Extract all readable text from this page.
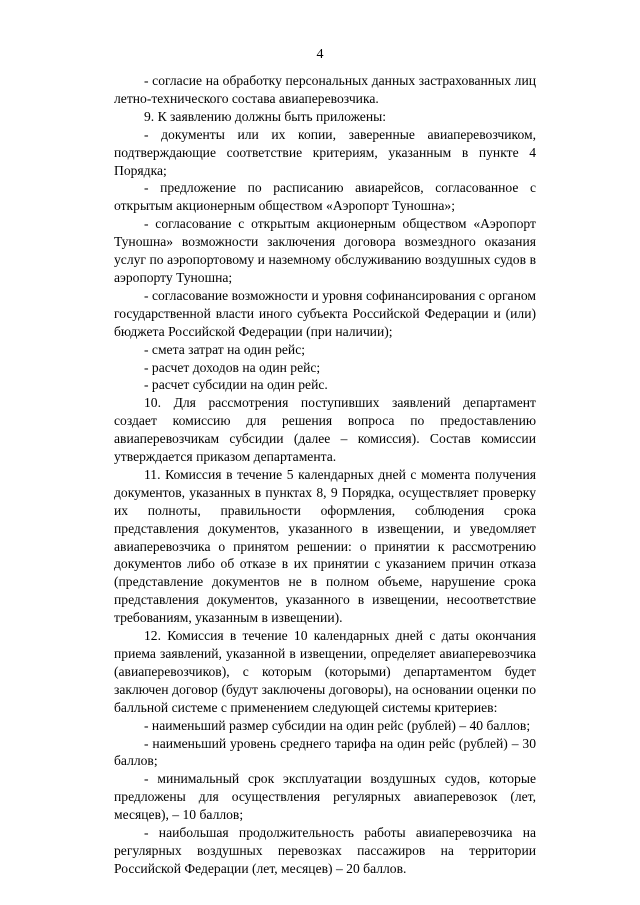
4

- согласие на обработку персональных данных застрахованных лиц летно-технического состава авиаперевозчика.

9. К заявлению должны быть приложены:

- документы или их копии, заверенные авиаперевозчиком, подтверждающие соответствие критериям, указанным в пункте 4 Порядка;

- предложение по расписанию авиарейсов, согласованное с открытым акционерным обществом «Аэропорт Туношна»;

- согласование с открытым акционерным обществом «Аэропорт Туношна» возможности заключения договора возмездного оказания услуг по аэропортовому и наземному обслуживанию воздушных судов в аэропорту Туношна;

- согласование возможности и уровня софинансирования с органом государственной власти иного субъекта Российской Федерации и (или) бюджета Российской Федерации (при наличии);

- смета затрат на один рейс;

- расчет доходов на один рейс;

- расчет субсидии на один рейс.

10. Для рассмотрения поступивших заявлений департамент создает комиссию для решения вопроса по предоставлению авиаперевозчикам субсидии (далее – комиссия). Состав комиссии утверждается приказом департамента.

11. Комиссия в течение 5 календарных дней с момента получения документов, указанных в пунктах 8, 9 Порядка, осуществляет проверку их полноты, правильности оформления, соблюдения срока представления документов, указанного в извещении, и уведомляет авиаперевозчика о принятом решении: о принятии к рассмотрению документов либо об отказе в их принятии с указанием причин отказа (представление документов не в полном объеме, нарушение срока представления документов, указанного в извещении, несоответствие требованиям, указанным в извещении).

12. Комиссия в течение 10 календарных дней с даты окончания приема заявлений, указанной в извещении, определяет авиаперевозчика (авиаперевозчиков), с которым (которыми) департаментом будет заключен договор (будут заключены договоры), на основании оценки по балльной системе с применением следующей системы критериев:

- наименьший размер субсидии на один рейс (рублей) – 40 баллов;

- наименьший уровень среднего тарифа на один рейс (рублей) – 30 баллов;

- минимальный срок эксплуатации воздушных судов, которые предложены для осуществления регулярных авиаперевозок (лет, месяцев), – 10 баллов;

- наибольшая продолжительность работы авиаперевозчика на регулярных воздушных перевозках пассажиров на территории Российской Федерации (лет, месяцев) – 20 баллов.
